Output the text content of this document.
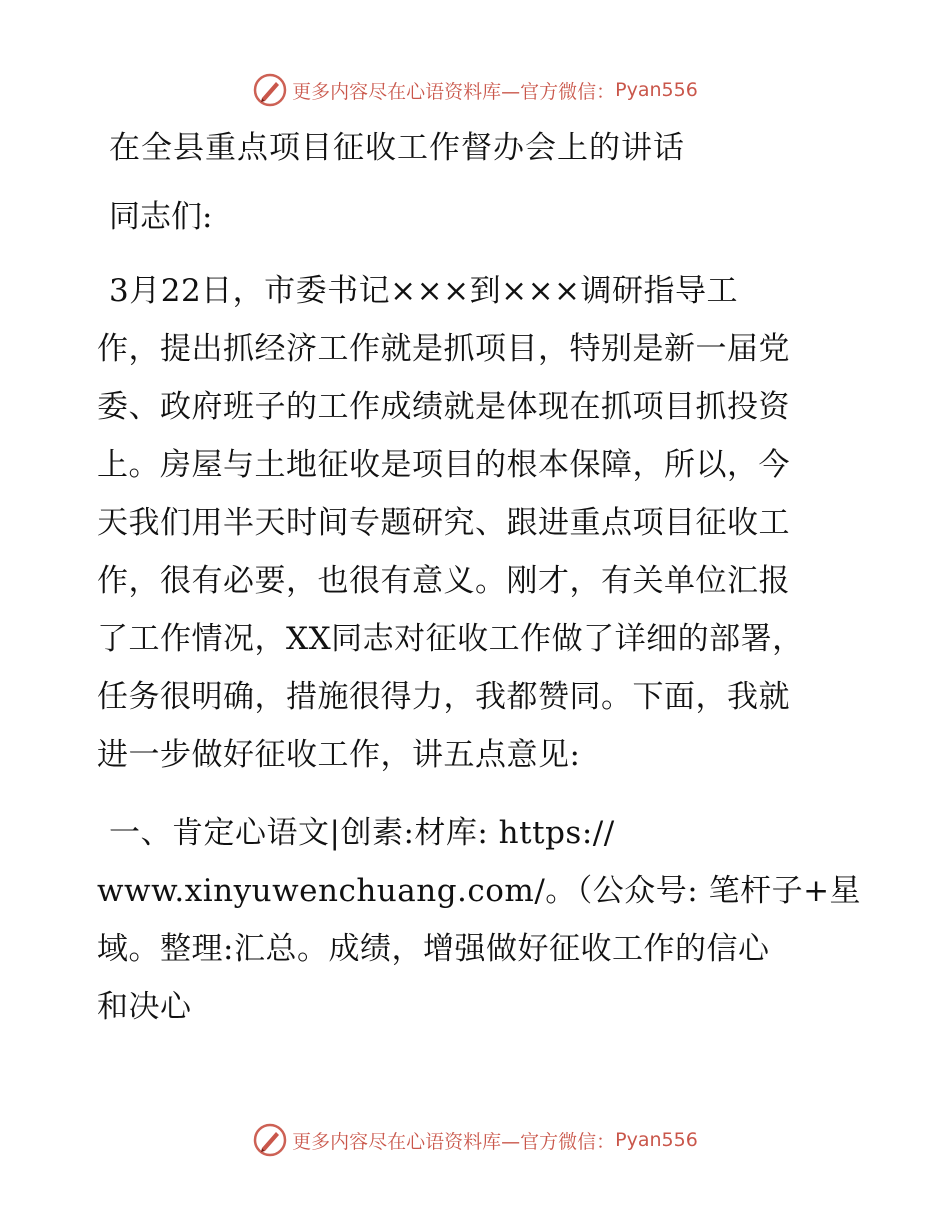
更多内容尽在心语资料库—官方微信： Pyan556
在全县重点项目征收工作督办会上的讲话
同志们:
3月22日，市委书记×××到×××调研指导工
作，提出抓经济工作就是抓项目，特别是新一届党
委、政府班子的工作成绩就是体现在抓项目抓投资
上。房屋与土地征收是项目的根本保障，所以，今
天我们用半天时间专题研究、跟进重点项目征收工
作，很有必要，也很有意义。刚才，有关单位汇报
了工作情况，XX同志对征收工作做了详细的部署，
任务很明确，措施很得力，我都赞同。下面，我就
进一步做好征收工作，讲五点意见:
一、肯定心语文|创素:材库: https://
www.xinyuwenchuang.com/。（公众号: 笔杆子+星
域。整理:汇总。成绩，增强做好征收工作的信心
和决心
更多内容尽在心语资料库—官方微信： Pyan556
